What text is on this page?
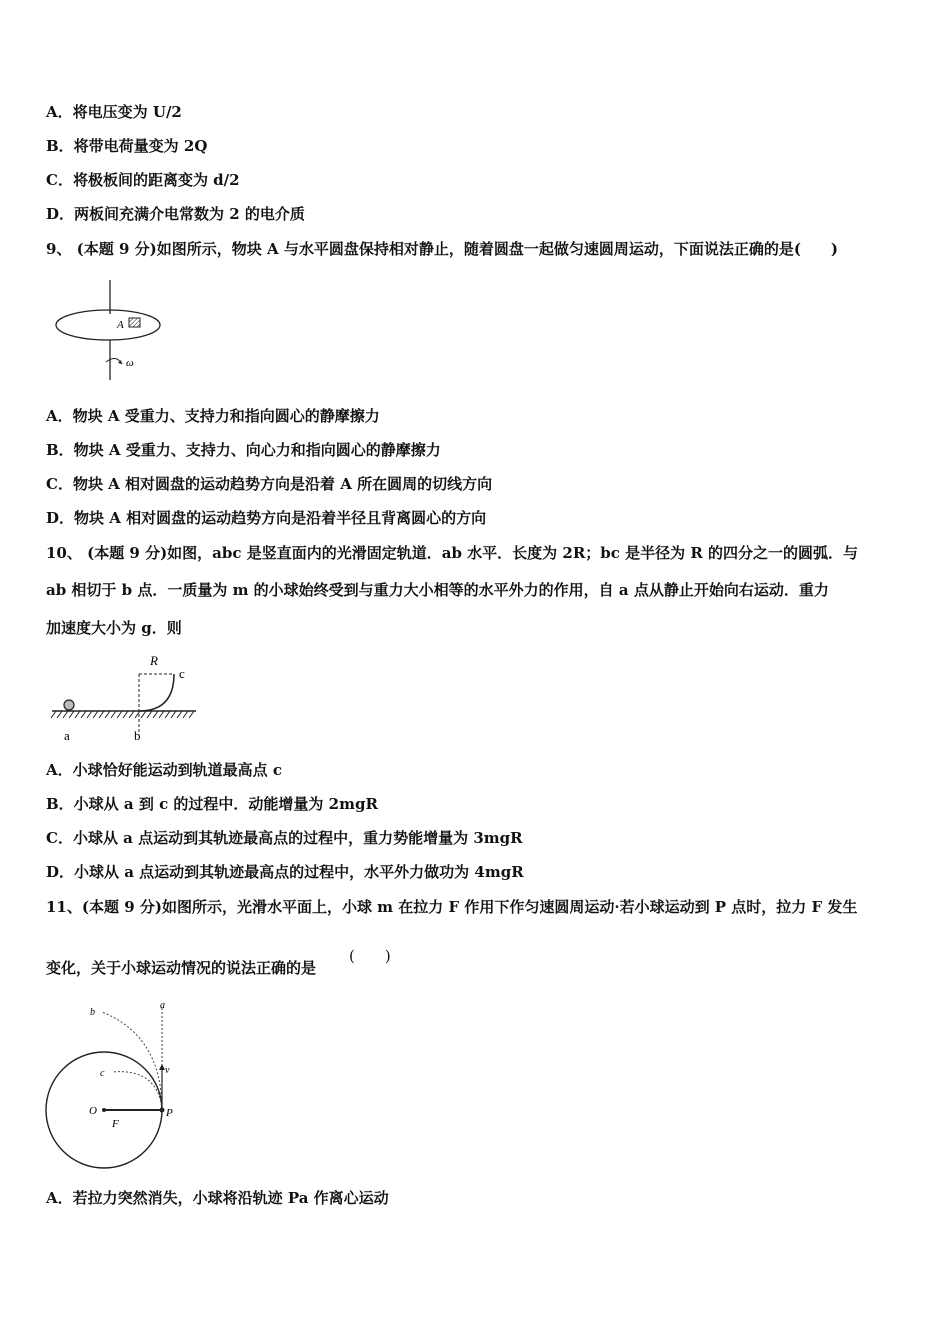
A．将电压变为 U/2
B．将带电荷量变为 2Q
C．将极板间的距离变为 d/2
D．两板间充满介电常数为 2 的电介质
9、 (本题 9 分)如图所示，物块 A 与水平圆盘保持相对静止，随着圆盘一起做匀速圆周运动，下面说法正确的是(　　)
A
ω
A．物块 A 受重力、支持力和指向圆心的静摩擦力
B．物块 A 受重力、支持力、向心力和指向圆心的静摩擦力
C．物块 A 相对圆盘的运动趋势方向是沿着 A 所在圆周的切线方向
D．物块 A 相对圆盘的运动趋势方向是沿着半径且背离圆心的方向
10、 (本题 9 分)如图，abc 是竖直面内的光滑固定轨道．ab 水平．长度为 2R；bc 是半径为 R 的四分之一的圆弧．与
ab 相切于 b 点．一质量为 m 的小球始终受到与重力大小相等的水平外力的作用，自 a 点从静止开始向右运动．重力
加速度大小为 g．则
R
c
a	b
A．小球恰好能运动到轨道最高点 c
B．小球从 a 到 c 的过程中．动能增量为 2mgR
C．小球从 a 点运动到其轨迹最高点的过程中，重力势能增量为 3mgR
D．小球从 a 点运动到其轨迹最高点的过程中，水平外力做功为 4mgR
11、(本题 9 分)如图所示，光滑水平面上，小球 m 在拉力 F 作用下作匀速圆周运动·若小球运动到 P 点时，拉力 F 发生
变化，关于小球运动情况的说法正确的是
(　　)
a
b
c	v
O	P
F
A．若拉力突然消失，小球将沿轨迹 Pa 作离心运动
